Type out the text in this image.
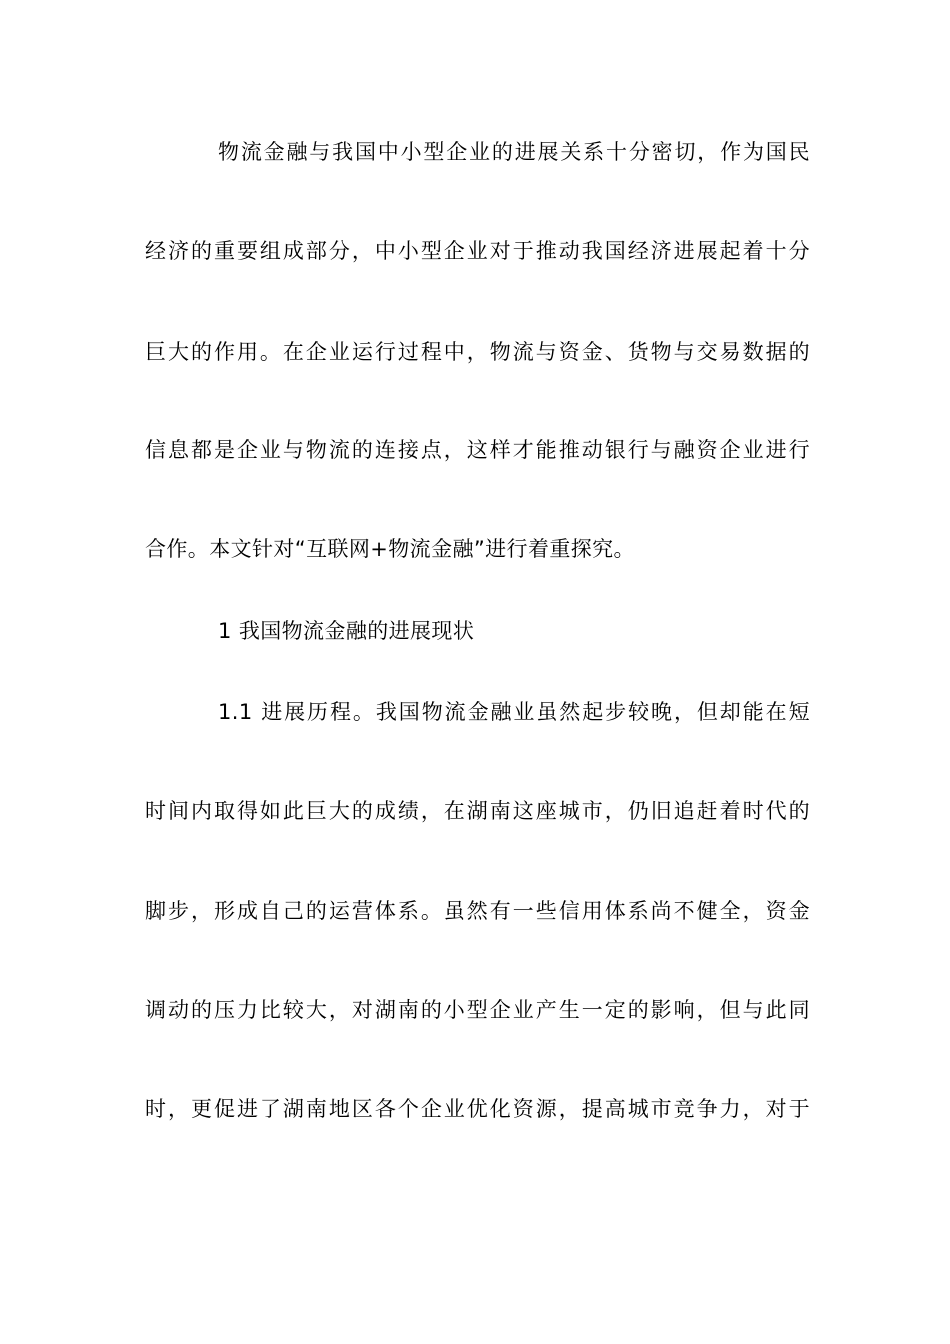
物流金融与我国中小型企业的进展关系十分密切，作为国民
经济的重要组成部分，中小型企业对于推动我国经济进展起着十分
巨大的作用。在企业运行过程中，物流与资金、货物与交易数据的
信息都是企业与物流的连接点，这样才能推动银行与融资企业进行
合作。本文针对“互联网+物流金融”进行着重探究。
1 我国物流金融的进展现状
1.1 进展历程。我国物流金融业虽然起步较晚，但却能在短
时间内取得如此巨大的成绩，在湖南这座城市，仍旧追赶着时代的
脚步，形成自己的运营体系。虽然有一些信用体系尚不健全，资金
调动的压力比较大，对湖南的小型企业产生一定的影响，但与此同
时，更促进了湖南地区各个企业优化资源，提高城市竞争力，对于
